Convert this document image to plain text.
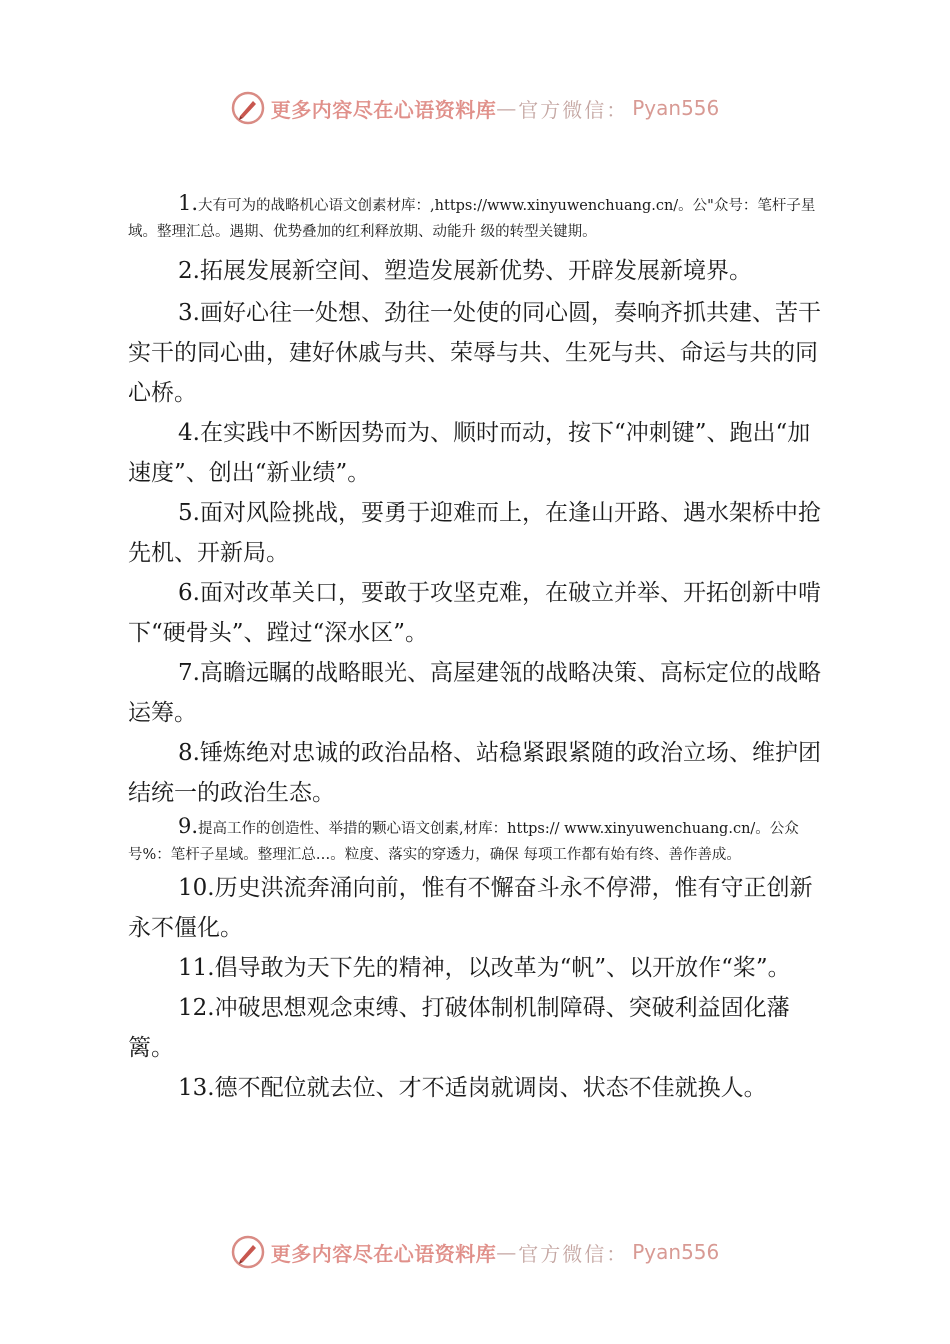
更多内容尽在心语资料库 — 官方微信： Pyan556

1.大有可为的战略机心语文创素材库：,https://www.xinyuwenchuang.cn/。公"众号：笔杆子星域。整理汇总。遇期、优势叠加的红利释放期、动能升 级的转型关键期。

2.拓展发展新空间、塑造发展新优势、开辟发展新境界。

3.画好心往一处想、劲往一处使的同心圆，奏响齐抓共建、苦干实干的同心曲，建好休戚与共、荣辱与共、生死与共、命运与共的同心桥。

4.在实践中不断因势而为、顺时而动，按下“冲刺键”、跑出“加速度”、创出“新业绩”。

5.面对风险挑战，要勇于迎难而上，在逢山开路、遇水架桥中抢先机、开新局。

6.面对改革关口，要敢于攻坚克难，在破立并举、开拓创新中啃下“硬骨头”、蹚过“深水区”。

7.高瞻远瞩的战略眼光、高屋建瓴的战略决策、高标定位的战略运筹。

8.锤炼绝对忠诚的政治品格、站稳紧跟紧随的政治立场、维护团结统一的政治生态。

9.提高工作的创造性、举措的颗心语文创素,材库：https:// www.xinyuwenchuang.cn/。公众号%：笔杆子星域。整理汇总…。粒度、落实的穿透力，确保 每项工作都有始有终、善作善成。

10.历史洪流奔涌向前，惟有不懈奋斗永不停滞，惟有守正创新永不僵化。

11.倡导敢为天下先的精神，以改革为“帆”、以开放作“桨”。

12.冲破思想观念束缚、打破体制机制障碍、突破利益固化藩篱。

13.德不配位就去位、才不适岗就调岗、状态不佳就换人。

更多内容尽在心语资料库 — 官方微信： Pyan556
